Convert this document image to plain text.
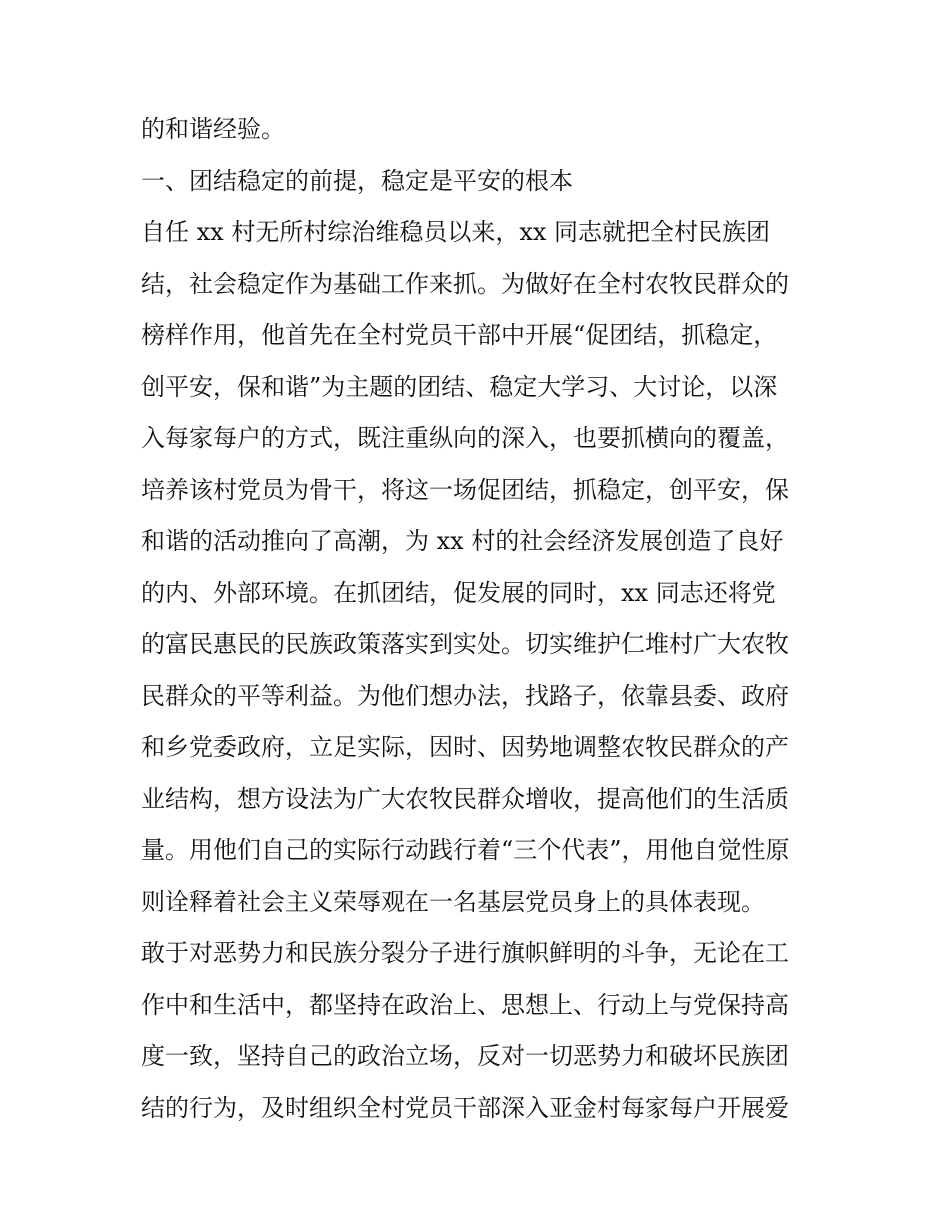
的和谐经验。
一、团结稳定的前提，稳定是平安的根本
自任 xx 村无所村综治维稳员以来，xx 同志就把全村民族团
结，社会稳定作为基础工作来抓。为做好在全村农牧民群众的
榜样作用，他首先在全村党员干部中开展“促团结，抓稳定，
创平安，保和谐”为主题的团结、稳定大学习、大讨论，以深
入每家每户的方式，既注重纵向的深入，也要抓横向的覆盖，
培养该村党员为骨干，将这一场促团结，抓稳定，创平安，保
和谐的活动推向了高潮，为 xx 村的社会经济发展创造了良好
的内、外部环境。在抓团结，促发展的同时，xx 同志还将党
的富民惠民的民族政策落实到实处。切实维护仁堆村广大农牧
民群众的平等利益。为他们想办法，找路子，依靠县委、政府
和乡党委政府，立足实际，因时、因势地调整农牧民群众的产
业结构，想方设法为广大农牧民群众增收，提高他们的生活质
量。用他们自己的实际行动践行着“三个代表”，用他自觉性原
则诠释着社会主义荣辱观在一名基层党员身上的具体表现。
敢于对恶势力和民族分裂分子进行旗帜鲜明的斗争，无论在工
作中和生活中，都坚持在政治上、思想上、行动上与党保持高
度一致，坚持自己的政治立场，反对一切恶势力和破坏民族团
结的行为，及时组织全村党员干部深入亚金村每家每户开展爱
